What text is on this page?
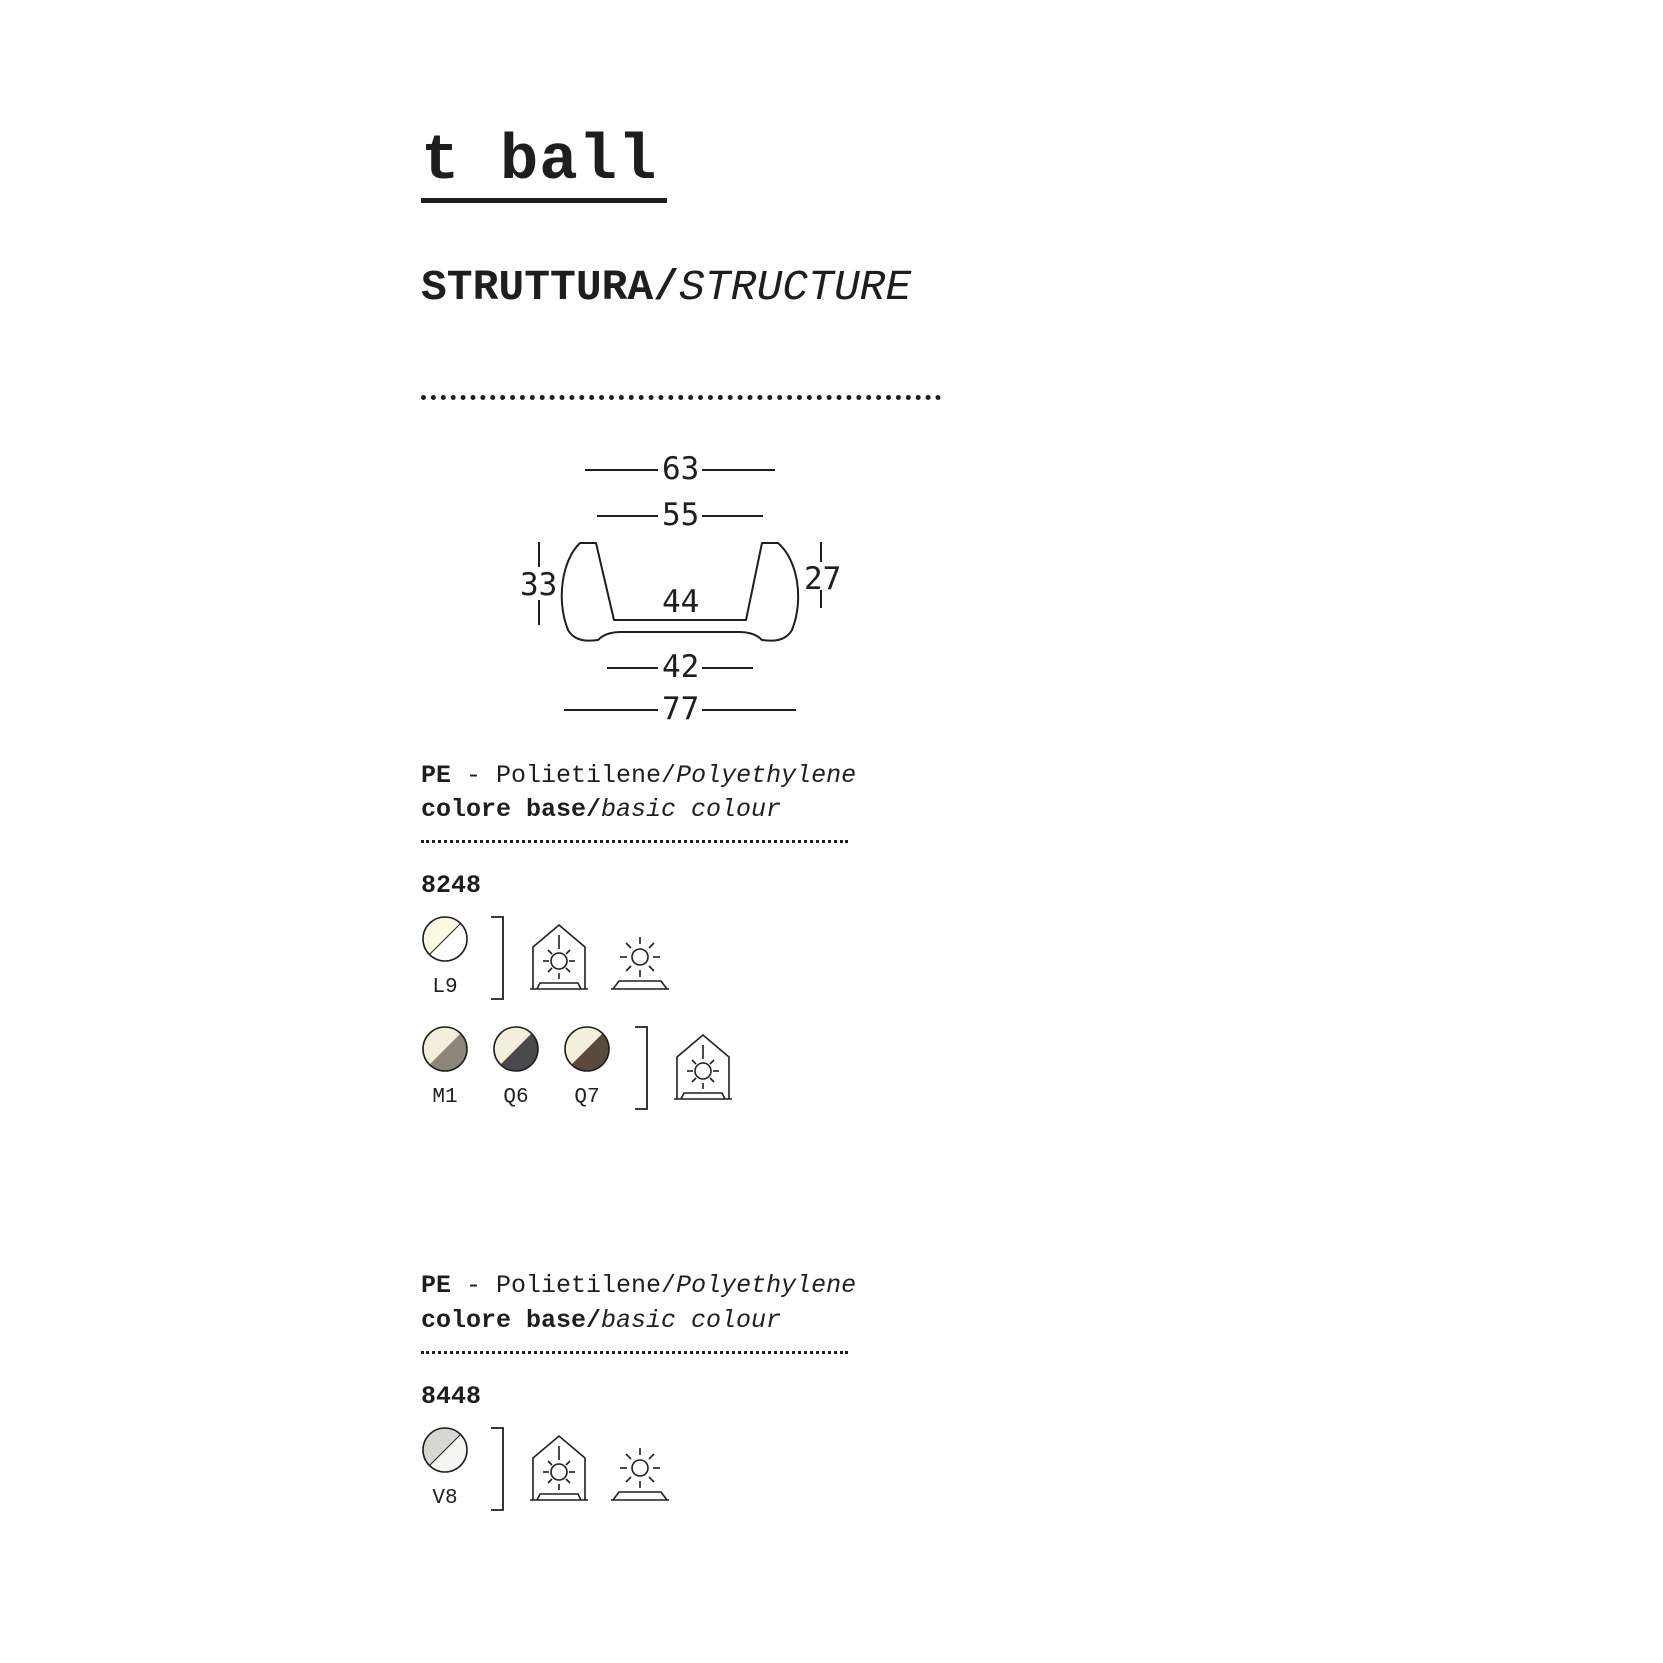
t ball
STRUTTURA/STRUCTURE
63
55
33	27
44
42
77
PE - Polietilene/Polyethylene
colore base/basic colour
8248
L9
M1	Q6	Q7
PE - Polietilene/Polyethylene
colore base/basic colour
8448
V8
